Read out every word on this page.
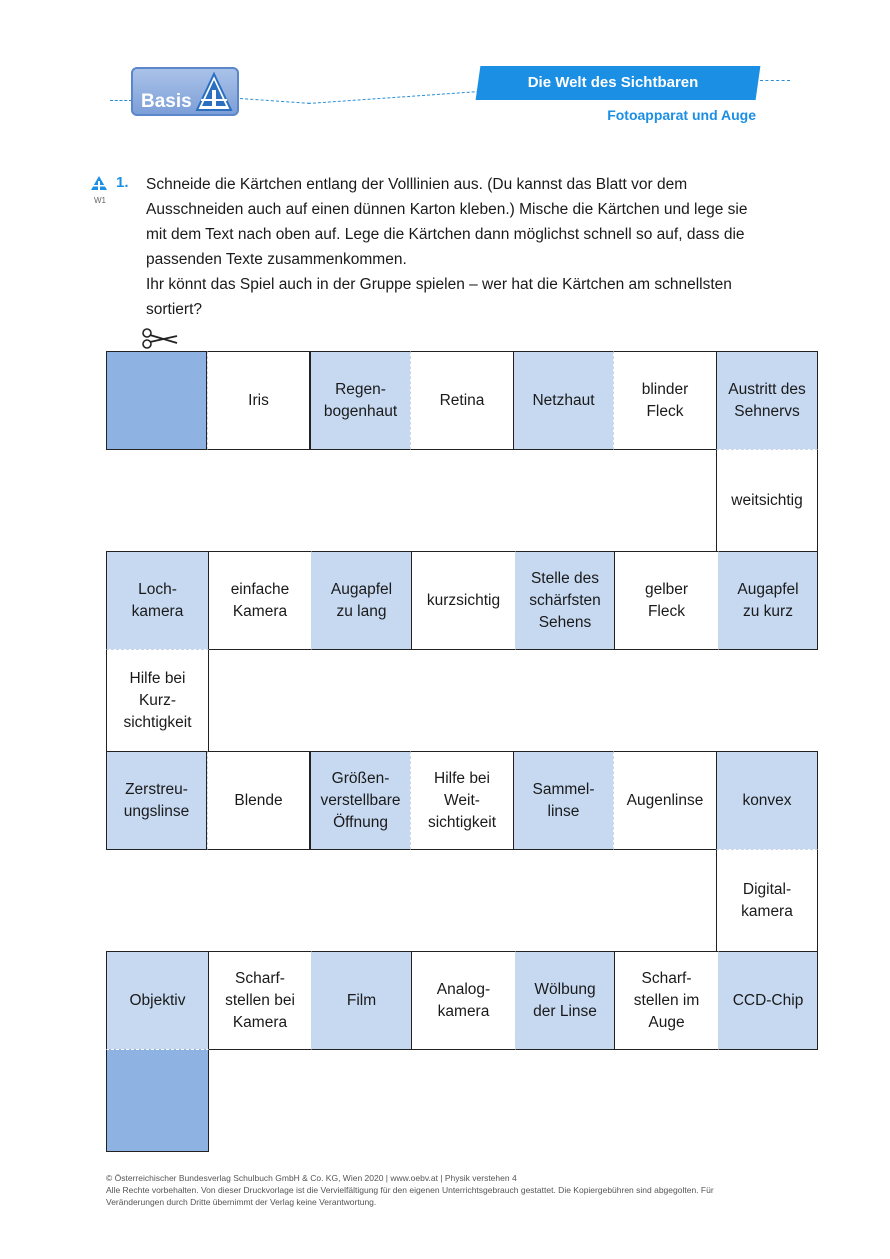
Basis
Die Welt des Sichtbaren
Fotoapparat und Auge
W1
1. Schneide die Kärtchen entlang der Volllinien aus. (Du kannst das Blatt vor dem

Ausschneiden auch auf einen dünnen Karton kleben.) Mische die Kärtchen und lege sie

mit dem Text nach oben auf. Lege die Kärtchen dann möglichst schnell so auf, dass die

passenden Texte zusammenkommen.

Ihr könnt das Spiel auch in der Gruppe spielen – wer hat die Kärtchen am schnellsten

sortiert?

Iris
Regen-
bogenhaut
Retina	Netzhaut
blinder
Fleck
Austritt des
Sehnervs
weitsichtig
Loch-
kamera
einfache
Kamera
Augapfel
zu lang
kurzsichtig
Stelle des
schärfsten
Sehens
gelber
Fleck
Augapfel
zu kurz
Hilfe bei
Kurz-
sichtigkeit
Zerstreu-
ungslinse
Blende
Größen-
verstellbare
Öffnung
Hilfe bei
Weit-
sichtigkeit
Sammel-
linse
Augenlinse	konvex
Digital-
kamera
Objektiv
Scharf-
stellen bei
Kamera
Film
Analog-
kamera
Wölbung
der Linse
Scharf-
stellen im
Auge
CCD-Chip
© Österreichischer Bundesverlag Schulbuch GmbH & Co. KG, Wien 2020 | www.oebv.at | Physik verstehen 4
Alle Rechte vorbehalten. Von dieser Druckvorlage ist die Vervielfältigung für den eigenen Unterrichtsgebrauch gestattet. Die Kopiergebühren sind abgegolten. Für
Veränderungen durch Dritte übernimmt der Verlag keine Verantwortung.
